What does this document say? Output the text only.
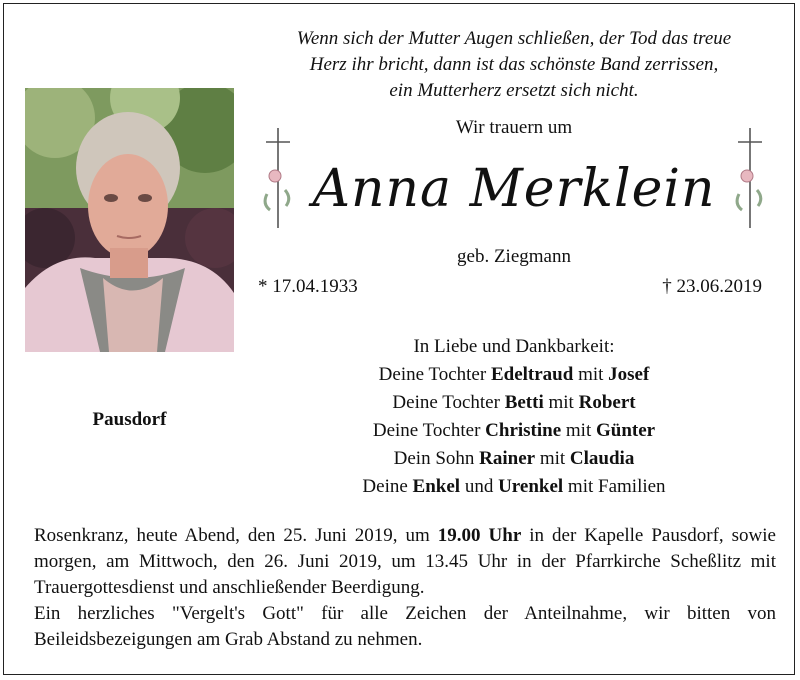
Wenn sich der Mutter Augen schließen, der Tod das treue
Herz ihr bricht, dann ist das schönste Band zerrissen,
ein Mutterherz ersetzt sich nicht.
Pausdorf
Wir trauern um
Anna Merklein
geb. Ziegmann
* 17.04.1933	† 23.06.2019
In Liebe und Dankbarkeit:
Deine Tochter Edeltraud mit Josef
Deine Tochter Betti mit Robert
Deine Tochter Christine mit Günter
Dein Sohn Rainer mit Claudia
Deine Enkel und Urenkel mit Familien

Rosenkranz, heute Abend, den 25. Juni 2019, um 19.00 Uhr in der Kapelle Pausdorf, sowie morgen, am Mittwoch, den 26. Juni 2019, um 13.45 Uhr in der Pfarrkirche Scheßlitz mit Trauergottesdienst und anschließender Beerdigung.

Ein herzliches "Vergelt's Gott" für alle Zeichen der Anteilnahme, wir bitten von Beileidsbezeigungen am Grab Abstand zu nehmen.
